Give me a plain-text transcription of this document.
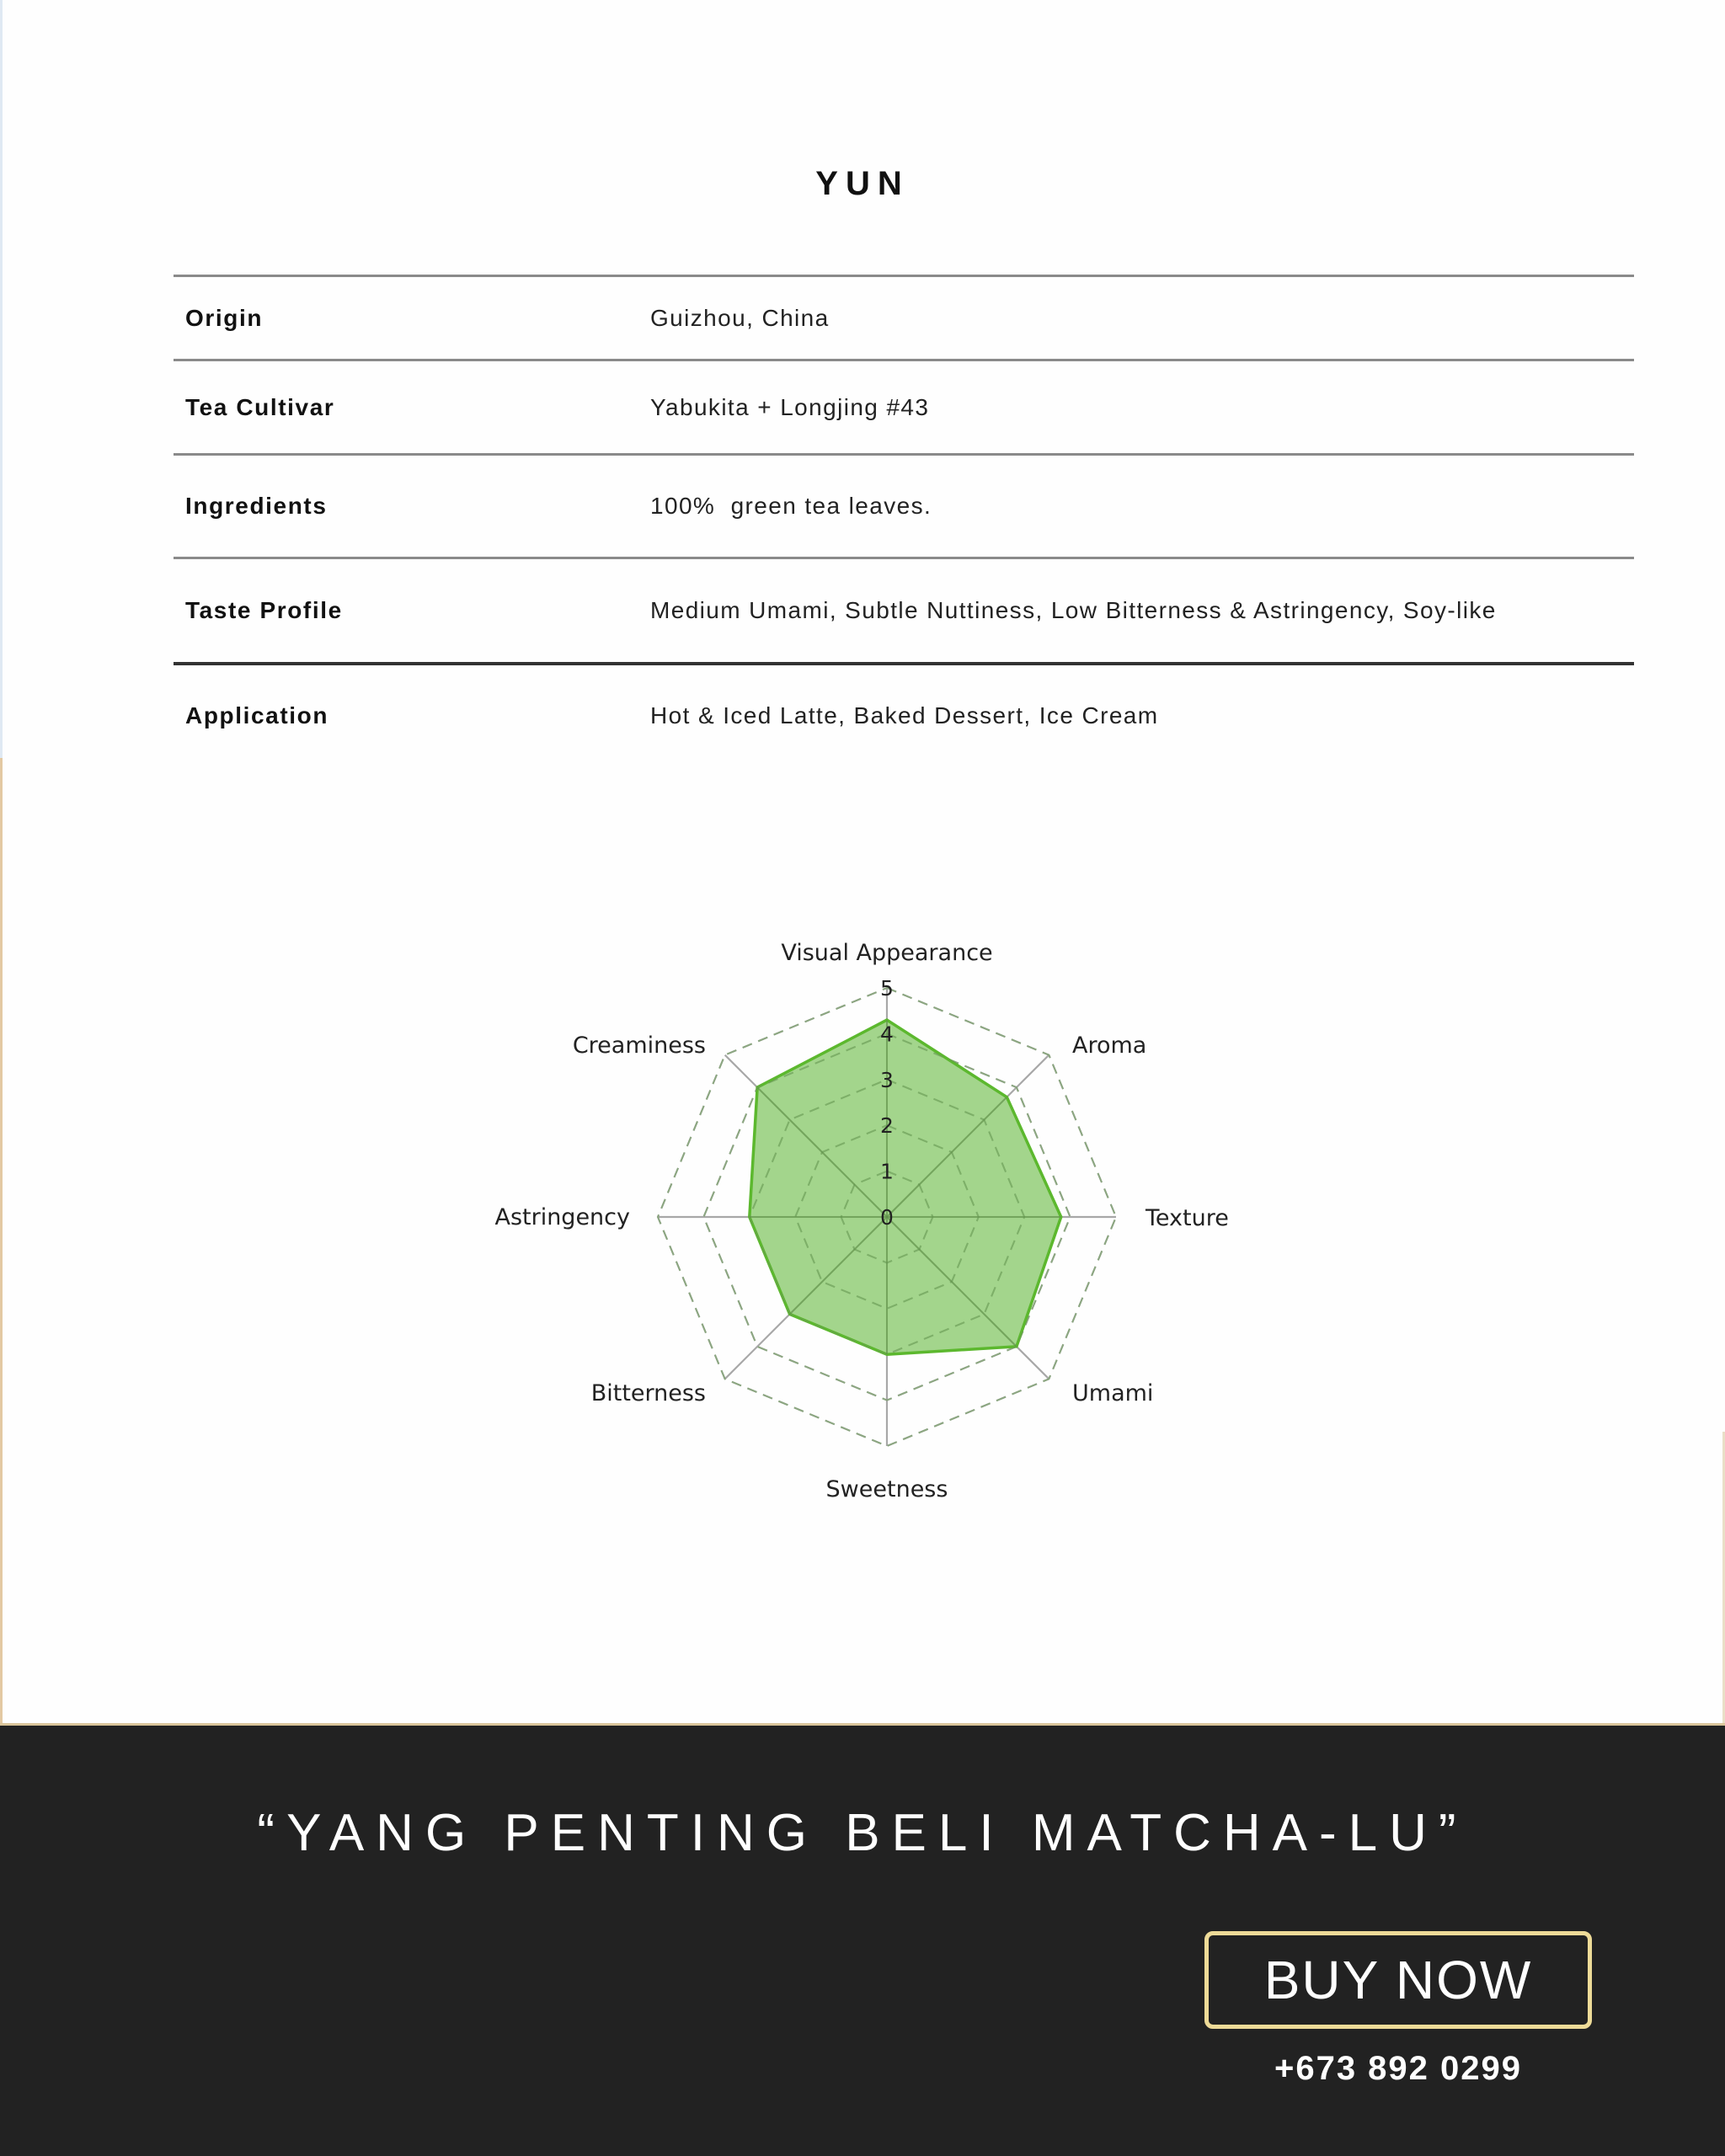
YUN
Origin	Guizhou, China
Tea Cultivar	Yabukita + Longjing #43
Ingredients	100%  green tea leaves.
Taste Profile	Medium Umami, Subtle Nuttiness, Low Bitterness & Astringency, Soy-like
Application	Hot & Iced Latte, Baked Dessert, Ice Cream
0
1
2
3
4
5
Visual Appearance
Aroma
Texture
Umami
Sweetness
Bitterness
Astringency
Creaminess
“YANG PENTING BELI MATCHA-LU”
BUY NOW
+673 892 0299
